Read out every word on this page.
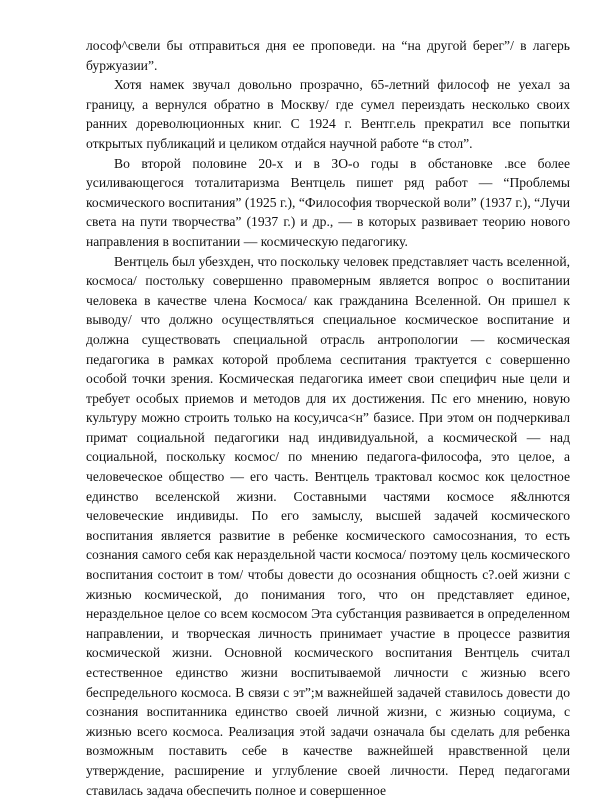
лософ^свели бы отправиться дня ее проповеди. на “на другой берег”/ в лагерь буржуазии”.

Хотя намек звучал довольно прозрачно, 65-летний философ не уехал за границу, а вернулся обратно в Москву/ где сумел переиздать несколько своих ранних дореволюционных книг. С 1924 г. Вентг.ель прекратил все попытки открытых публикаций и целиком отдайся научной работе “в стол”.

Во второй половине 20-х и в ЗО-о годы в обстановке .все более усиливающегося тоталитаризма Вентцель пишет ряд работ — “Проблемы космического воспитания” (1925 г.), “Философия творческой воли” (1937 г.), “Лучи света на пути творчества” (1937 г.) и др., — в которых развивает теорию нового направления в воспитании — космическую педагогику.

Вентцель был убезхден, что поскольку человек представляет часть вселенной, космоса/ постольку совершенно правомерным является вопрос о воспитании человека в качестве члена Космоса/ как гражданина Вселенной. Он пришел к выводу/ что должно осуществляться специальное космическое воспитание и должна существовать специальной отрасль антропологии — космическая педагогика в рамках которой проблема сеспитания трактуется с совершенно особой точки зрения. Космическая педагогика имеет свои специфич ные цели и требует особых приемов и методов для их достижения. Пс его мнению, новую культуру можно строить только на косу,ичса<н” базисе. При этом он подчеркивал примат социальной педагогики над индивидуальной, а космической — над социальной, поскольку космос/ по мнению педагога-философа, это целое, а человеческое общество — его часть. Вентцель трактовал космос кок целостное единство вселенской жизни. Составными частями космосе я&лнются человеческие индивиды. По его замыслу, высшей задачей космического воспитания является развитие в ребенке космического самосознания, то есть сознания самого себя как нераздельной части космоса/ поэтому цель космического воспитания состоит в том/ чтобы довести до осознания общность с?.оей жизни с жизнью космической, до понимания того, что он представляет единое, нераздельное целое со всем космосом Эта субстанция развивается в определенном направлении, и творческая личность принимает участие в процессе развития космической жизни. Основной космического воспитания Вентцель считал естественное единство жизни воспитываемой личности с жизнью всего беспредельного космоса. В связи с эт”;м важнейшей задачей ставилось довести до сознания воспитанника единство своей личной жизни, с жизнью социума, с жизнью всего космоса. Реализация этой задачи означала бы сделать для ребенка возможным поставить себе в качестве важнейшей нравственной цели утверждение, расширение и углубление своей личности. Перед педагогами ставилась задача обеспечить полное и совершенное
